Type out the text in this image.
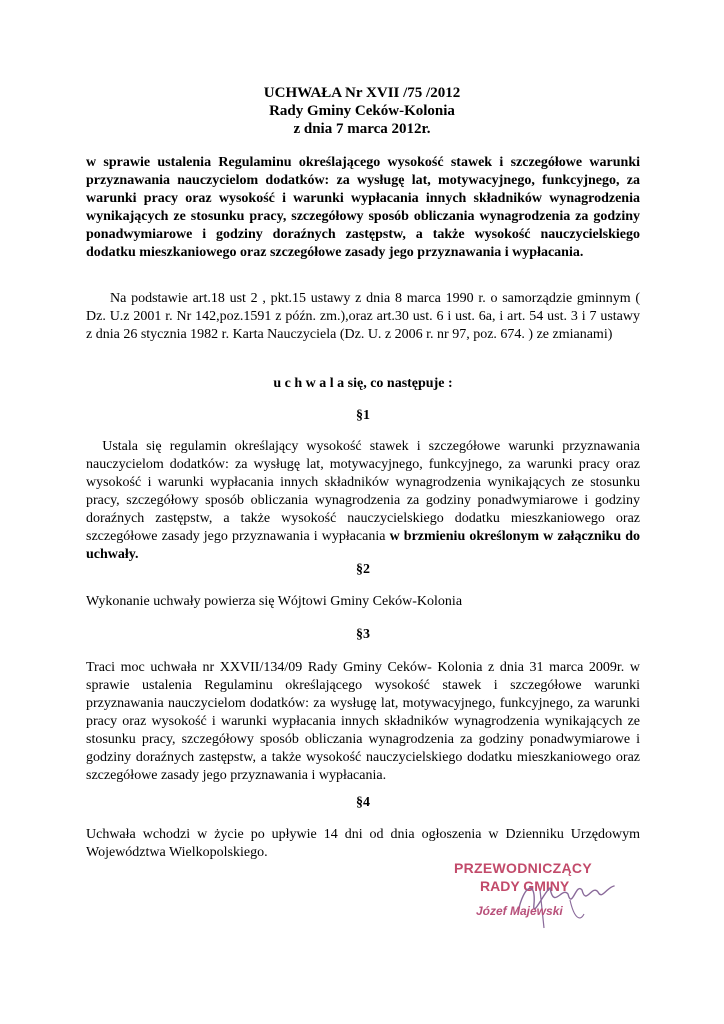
UCHWAŁA Nr XVII /75 /2012
Rady Gminy Ceków-Kolonia
z dnia 7 marca 2012r.
w sprawie ustalenia Regulaminu określającego wysokość stawek i szczegółowe warunki przyznawania nauczycielom dodatków: za wysługę lat, motywacyjnego, funkcyjnego, za warunki pracy oraz wysokość i warunki wypłacania innych składników wynagrodzenia wynikających ze stosunku pracy, szczegółowy sposób obliczania wynagrodzenia za godziny ponadwymiarowe i godziny doraźnych zastępstw, a także wysokość nauczycielskiego dodatku mieszkaniowego oraz szczegółowe zasady jego przyznawania i wypłacania.
Na podstawie art.18 ust 2 , pkt.15 ustawy z dnia 8 marca 1990 r. o samorządzie gminnym ( Dz. U.z 2001 r. Nr 142,poz.1591 z późn. zm.),oraz art.30 ust. 6 i ust. 6a, i art. 54 ust. 3 i 7 ustawy z dnia 26 stycznia 1982 r. Karta Nauczyciela (Dz. U. z 2006 r. nr 97, poz. 674. ) ze zmianami)
u c h w a l a się, co następuje :
§1
Ustala się regulamin określający wysokość stawek i szczegółowe warunki przyznawania nauczycielom dodatków: za wysługę lat, motywacyjnego, funkcyjnego, za warunki pracy oraz wysokość i warunki wypłacania innych składników wynagrodzenia wynikających ze stosunku pracy, szczegółowy sposób obliczania wynagrodzenia za godziny ponadwymiarowe i godziny doraźnych zastępstw, a także wysokość nauczycielskiego dodatku mieszkaniowego oraz szczegółowe zasady jego przyznawania i wypłacania w brzmieniu określonym w załączniku do uchwały.
§2
Wykonanie uchwały powierza się Wójtowi Gminy Ceków-Kolonia
§3
Traci moc uchwała nr XXVII/134/09 Rady Gminy Ceków- Kolonia z dnia 31 marca 2009r. w sprawie ustalenia Regulaminu określającego wysokość stawek i szczegółowe warunki przyznawania nauczycielom dodatków: za wysługę lat, motywacyjnego, funkcyjnego, za warunki pracy oraz wysokość i warunki wypłacania innych składników wynagrodzenia wynikających ze stosunku pracy, szczegółowy sposób obliczania wynagrodzenia za godziny ponadwymiarowe i godziny doraźnych zastępstw, a także wysokość nauczycielskiego dodatku mieszkaniowego oraz szczegółowe zasady jego przyznawania i wypłacania.
§4
Uchwała wchodzi w życie po upływie 14 dni od dnia ogłoszenia w Dzienniku Urzędowym Województwa Wielkopolskiego.
PRZEWODNICZĄCY
RADY GMINY
Józef Majewski
